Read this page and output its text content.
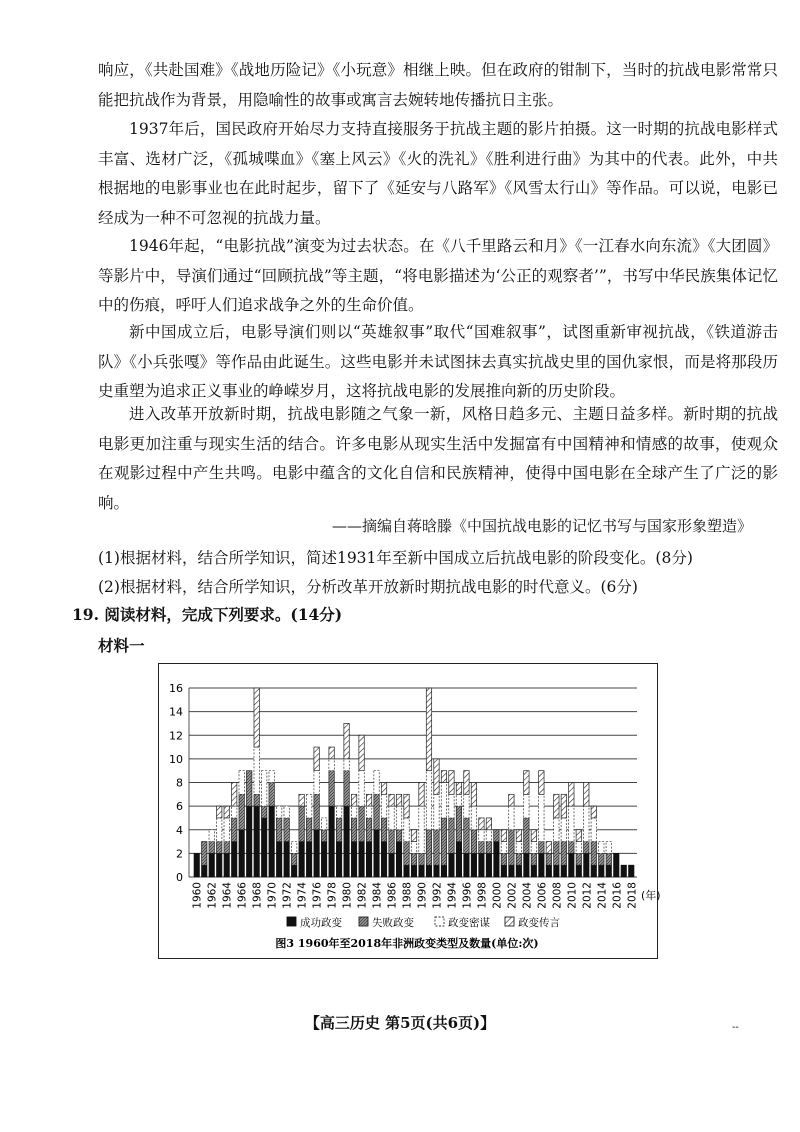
响应，《共赴国难》《战地历险记》《小玩意》相继上映。但在政府的钳制下，当时的抗战电影常常只能把抗战作为背景，用隐喻性的故事或寓言去婉转地传播抗日主张。

1937年后，国民政府开始尽力支持直接服务于抗战主题的影片拍摄。这一时期的抗战电影样式丰富、选材广泛，《孤城喋血》《塞上风云》《火的洗礼》《胜利进行曲》为其中的代表。此外，中共根据地的电影事业也在此时起步，留下了《延安与八路军》《风雪太行山》等作品。可以说，电影已经成为一种不可忽视的抗战力量。

1946年起，“电影抗战”演变为过去状态。在《八千里路云和月》《一江春水向东流》《大团圆》等影片中，导演们通过“回顾抗战”等主题，“将电影描述为‘公正的观察者’”，书写中华民族集体记忆中的伤痕，呼吁人们追求战争之外的生命价值。

新中国成立后，电影导演们则以“英雄叙事”取代“国难叙事”，试图重新审视抗战，《铁道游击队》《小兵张嘎》等作品由此诞生。这些电影并未试图抹去真实抗战史里的国仇家恨，而是将那段历史重塑为追求正义事业的峥嵘岁月，这将抗战电影的发展推向新的历史阶段。

进入改革开放新时期，抗战电影随之气象一新，风格日趋多元、主题日益多样。新时期的抗战电影更加注重与现实生活的结合。许多电影从现实生活中发掘富有中国精神和情感的故事，使观众在观影过程中产生共鸣。电影中蕴含的文化自信和民族精神，使得中国电影在全球产生了广泛的影响。

——摘编自蒋晗滕《中国抗战电影的记忆书写与国家形象塑造》
(1)根据材料，结合所学知识，简述1931年至新中国成立后抗战电影的阶段变化。(8分)
(2)根据材料，结合所学知识，分析改革开放新时期抗战电影的时代意义。(6分)
19. 阅读材料，完成下列要求。(14分)
材料一
0
2
4
6
8
10
12
14
16
1960 1962 1964 1966 1968 1970 1972 1974 1976 1978 1980 1982 1984 1986 1988 1990 1992 1994 1996 1998 2000 2002 2004 2006 2008 2010 2012 2014 2016 2018 (年)
成功政变	失败政变	政变密谋	政变传言
图3 1960年至2018年非洲政变类型及数量(单位:次)
【高三历史 第5页(共6页)】	--
